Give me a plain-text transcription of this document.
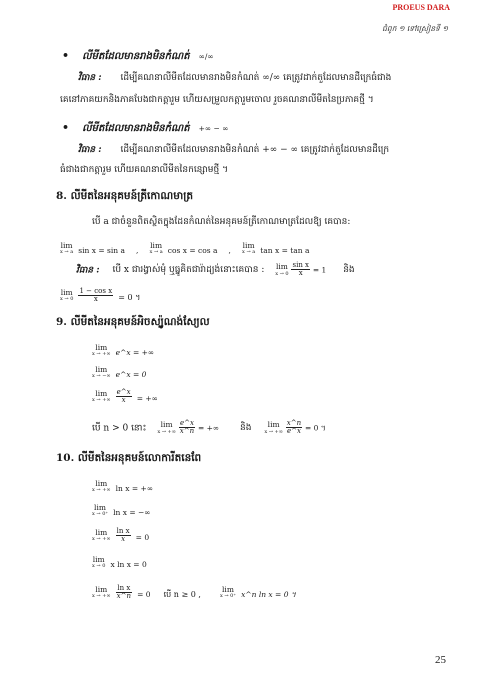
PROEUS DARA
ជំពូក ១ ទៅស្រៀនទី ១
• លីមីតដែលមានរាងមិនកំណត់ ∞/∞
វិធាន : ដើម្បីគណនាលីមីតដែលមានរាងមិនកំណត់ ∞/∞ គេត្រូវដាក់តួដែលមានដឺក្រេធំជាង
គេនៅភាគយកនិងភាគបែងជាកត្តារួម ហើយសម្រួលកត្តារួមចោល រួចគណនាលីមីតនៃប្រភាគថ្មី ។
• លីមីតដែលមានរាងមិនកំណត់ +∞ − ∞
វិធាន : ដើម្បីគណនាលីមីតដែលមានរាងមិនកំណត់ +∞ − ∞ គេត្រូវដាក់តួដែលមានដឺក្រេ
ធំជាងជាកត្តារួម ហើយគណនាលីមីតនៃកន្សោមថ្មី ។
8. លីមីតនៃអនុគមន៍ត្រីកោណមាត្រ
បើ a ជាចំនួនពិតស្ថិតក្នុងដែនកំណត់នៃអនុគមន៍ត្រីកោណមាត្រដែលឱ្យ គេបាន:
lim
x → a sin x = sin a ,
lim
x → a cos x = cos a ,
lim
x → a tan x = tan a
វិធាន : បើ x ជារង្វាស់មុំ ឬធ្នូគិតជារ៉ាដ្យង់នោះគេបាន : lim
x → 0
$\frac{\text{sin x}}{x} = 1$ និង
lim
x → 0
$\frac{\text{1 − cos x}}{x} = 0$ ។
9. លីមីតនៃអនុគមន៍អិចស្ប៉ូណង់ស្យែល
lim
x → +∞ e^x = +∞
lim
x → −∞ e^x = 0
lim
x → +∞
$\frac{e\^{}x}{x}$ = +∞
បើ n > 0 នោះ	lim
x → +∞
$\frac{e\^{}x}{x\^{}n}$ = +∞ និង	lim
x → +∞
$\frac{x\^{}n}{e\^{}x} = 0$ ។
10. លីមីតនៃអនុគមន៍លោការីតនេពែ
lim
x → +∞ ln x = +∞
lim
x → 0⁺ ln x = −∞
lim
x → +∞
$\frac{\text{ln x}}{x} = 0$
lim
x → 0 x ln x = 0
lim
x → +∞
$\frac{\text{ln x}}{x\^{}n} = 0$ បើ n ≥ 0 ,
lim
x → 0⁺ x^n ln x = 0 ។
25
